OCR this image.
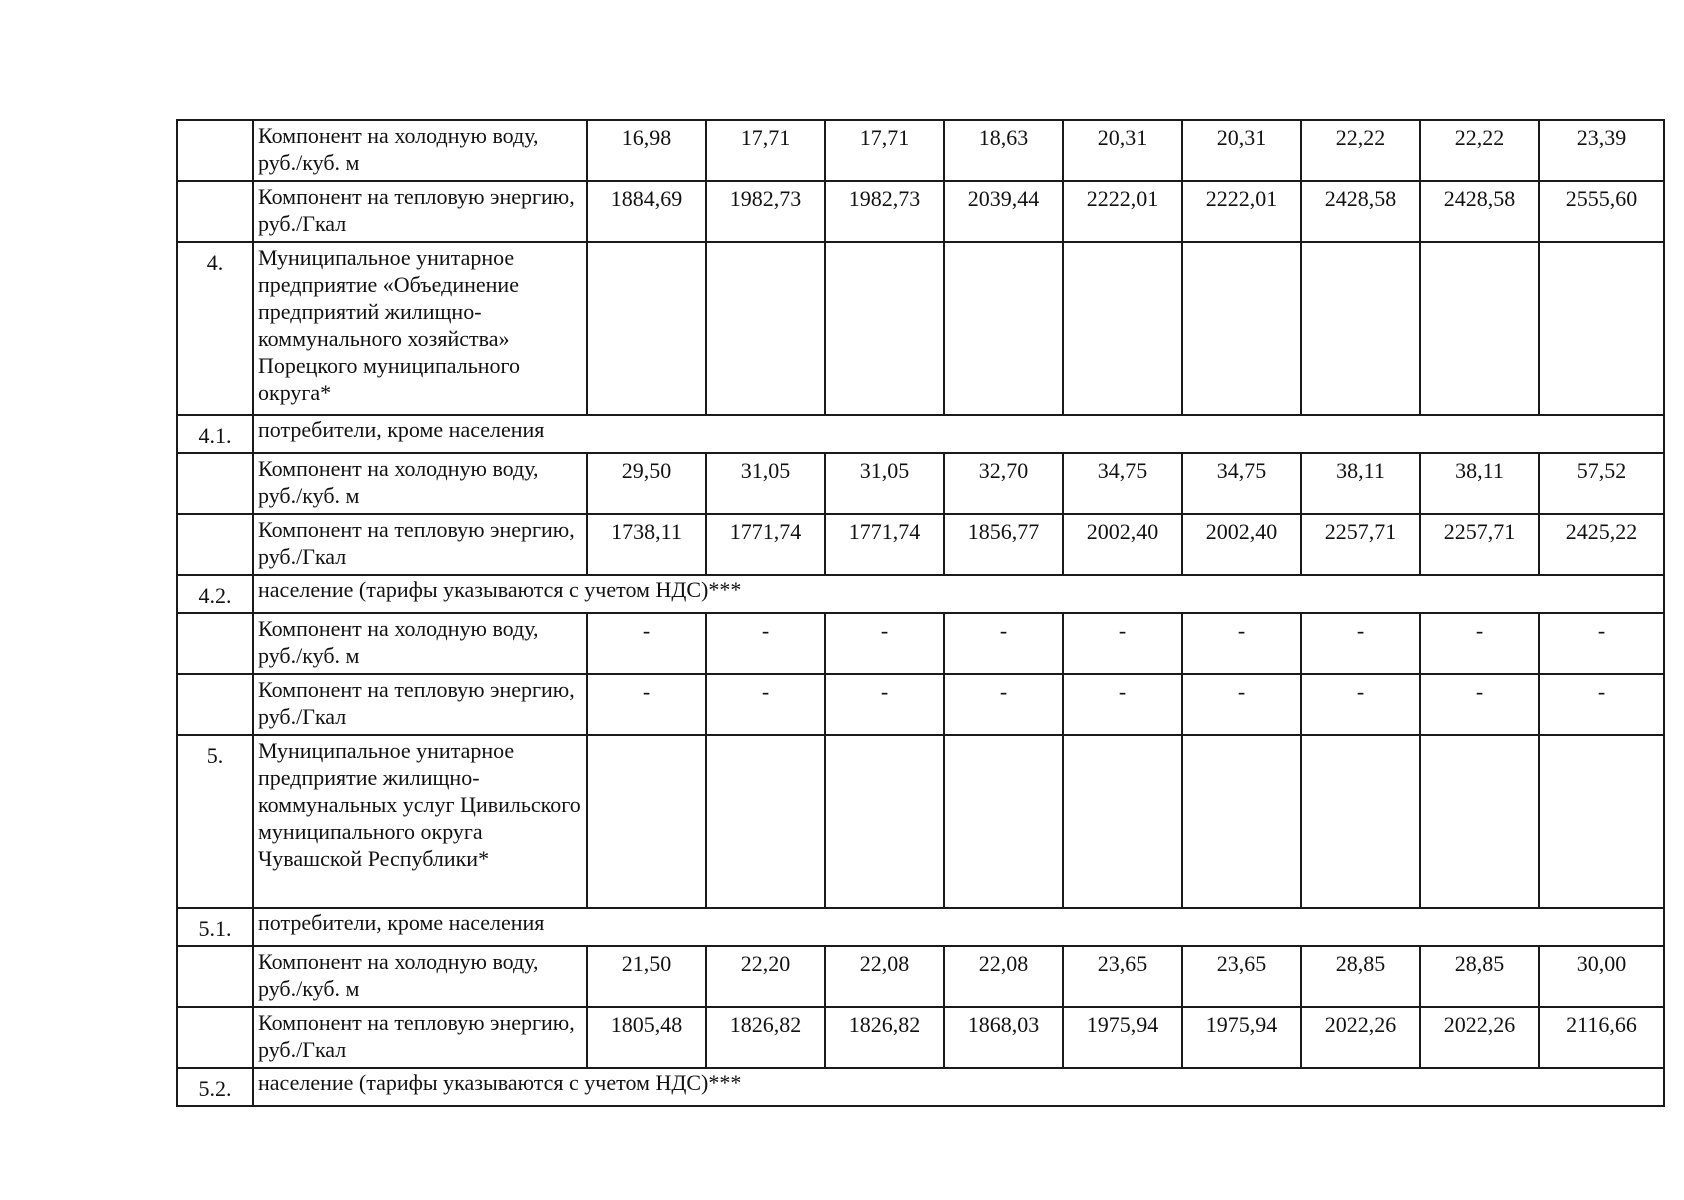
	Компонент на холодную воду, руб./куб. м	16,98	17,71	17,71	18,63	20,31	20,31	22,22	22,22	23,39
	Компонент на тепловую энергию, руб./Гкал	1884,69	1982,73	1982,73	2039,44	2222,01	2222,01	2428,58	2428,58	2555,60
4.	Муниципальное унитарное предприятие «Объединение предприятий жилищно-коммунального хозяйства» Порецкого муниципального округа*									
4.1.	потребители, кроме населения									
	Компонент на холодную воду, руб./куб. м	29,50	31,05	31,05	32,70	34,75	34,75	38,11	38,11	57,52
	Компонент на тепловую энергию, руб./Гкал	1738,11	1771,74	1771,74	1856,77	2002,40	2002,40	2257,71	2257,71	2425,22
4.2.	население (тарифы указываются с учетом НДС)***									
	Компонент на холодную воду, руб./куб. м	-	-	-	-	-	-	-	-	-
	Компонент на тепловую энергию, руб./Гкал	-	-	-	-	-	-	-	-	-
5.	Муниципальное унитарное предприятие жилищно-коммунальных услуг Цивильского муниципального округа Чувашской Республики*									
5.1.	потребители, кроме населения									
	Компонент на холодную воду, руб./куб. м	21,50	22,20	22,08	22,08	23,65	23,65	28,85	28,85	30,00
	Компонент на тепловую энергию, руб./Гкал	1805,48	1826,82	1826,82	1868,03	1975,94	1975,94	2022,26	2022,26	2116,66
5.2.	население (тарифы указываются с учетом НДС)***									
